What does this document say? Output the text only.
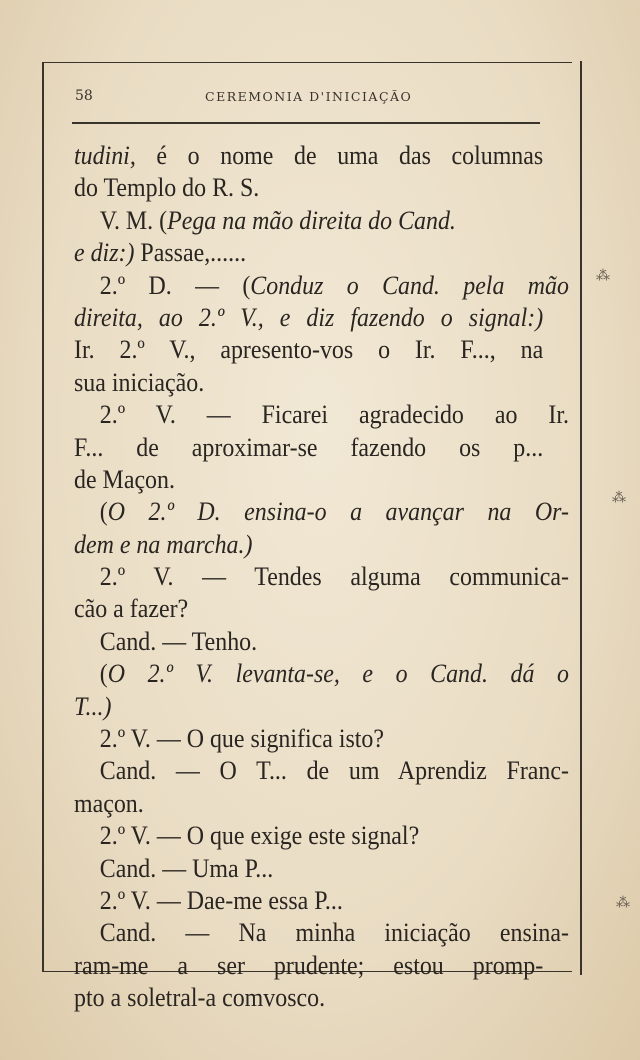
58	CEREMONIA D'INICIAÇÃO
tudini, é o nome de uma das columnas
do Templo do R. S.
V. M. (Pega na mão direita do Cand.
e diz:) Passae,......
2.º D. — (Conduz o Cand. pela mão
direita, ao 2.º V., e diz fazendo o signal:)
Ir. 2.º V., apresento-vos o Ir. F..., na
sua iniciação.
2.º V. — Ficarei agradecido ao Ir.
F... de aproximar-se fazendo os p...
de Maçon.
(O 2.º D. ensina-o a avançar na Or-
dem e na marcha.)
2.º V. — Tendes alguma communica-
cão a fazer?
Cand. — Tenho.
(O 2.º V. levanta-se, e o Cand. dá o
T...)
2.º V. — O que significa isto?
Cand. — O T... de um Aprendiz Franc-
maçon.
2.º V. — O que exige este signal?
Cand. — Uma P...
2.º V. — Dae-me essa P...
Cand. — Na minha iniciação ensina-
ram-me a ser prudente; estou promp-
pto a soletral-a comvosco.
⁂
⁂
⁂
